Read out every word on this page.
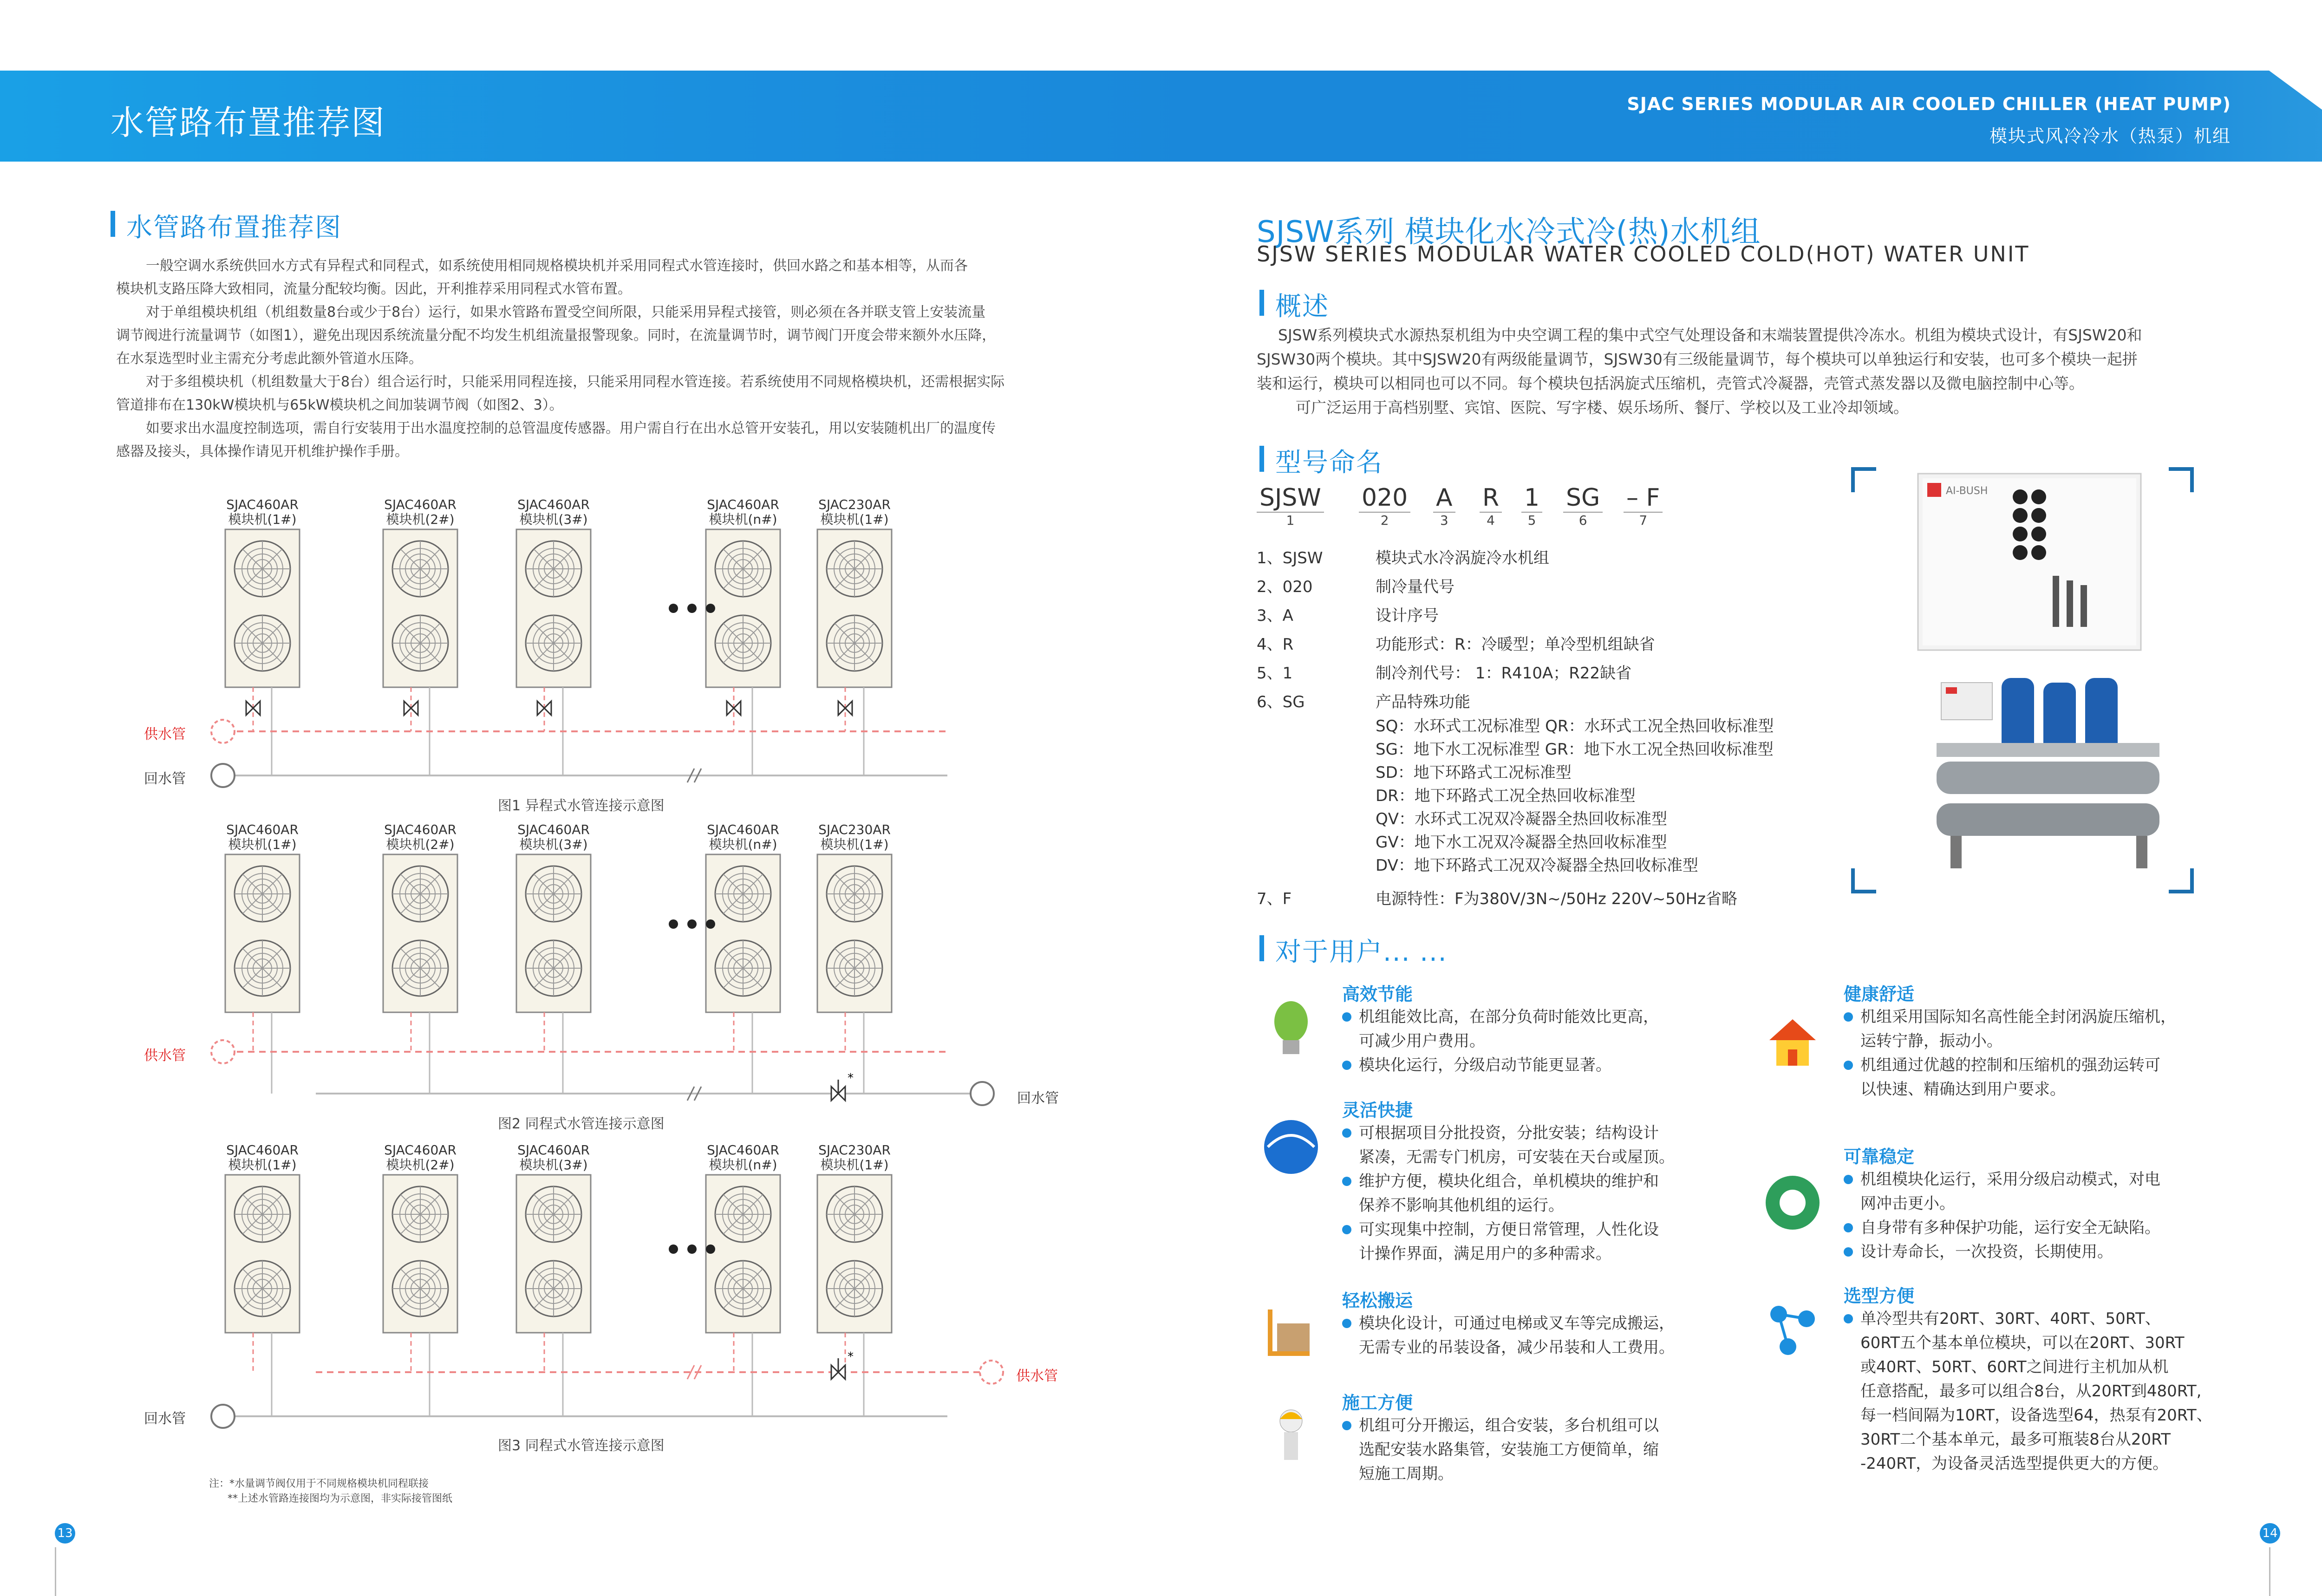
水管路布置推荐图	SJAC SERIES MODULAR AIR COOLED CHILLER (HEAT PUMP)
模块式风冷冷水（热泵）机组
水管路布置推荐图
一般空调水系统供回水方式有异程式和同程式，如系统使用相同规格模块机并采用同程式水管连接时，供回水路之和基本相等，从而各
模块机支路压降大致相同，流量分配较均衡。因此，开利推荐采用同程式水管布置。
对于单组模块机组（机组数量8台或少于8台）运行，如果水管路布置受空间所限，只能采用异程式接管，则必须在各并联支管上安装流量
调节阀进行流量调节（如图1），避免出现因系统流量分配不均发生机组流量报警现象。同时，在流量调节时，调节阀门开度会带来额外水压降，
在水泵选型时业主需充分考虑此额外管道水压降。
对于多组模块机（机组数量大于8台）组合运行时，只能采用同程连接，只能采用同程水管连接。若系统使用不同规格模块机，还需根据实际
管道排布在130kW模块机与65kW模块机之间加装调节阀（如图2、3）。
如要求出水温度控制选项，需自行安装用于出水温度控制的总管温度传感器。用户需自行在出水总管开安装孔，用以安装随机出厂的温度传
感器及接头，具体操作请见开机维护操作手册。
SJAC460AR
模块机(1#)
SJAC460AR
模块机(2#)
SJAC460AR
模块机(3#)
SJAC460AR
模块机(n#)
SJAC230AR
模块机(1#)
供水管
回水管
图1 异程式水管连接示意图
SJAC460AR
模块机(1#)
SJAC460AR
模块机(2#)
SJAC460AR
模块机(3#)
SJAC460AR
模块机(n#)
SJAC230AR
模块机(1#)
*
供水管
回水管
图2 同程式水管连接示意图
SJAC460AR
模块机(1#)
SJAC460AR
模块机(2#)
SJAC460AR
模块机(3#)
SJAC460AR
模块机(n#)
SJAC230AR
模块机(1#)
*
供水管
回水管
图3 同程式水管连接示意图
注：*水量调节阀仅用于不同规格模块机同程联接
**上述水管路连接图均为示意图，非实际接管图纸
13
SJSW系列 模块化水冷式冷(热)水机组
SJSW SERIES MODULAR WATER COOLED COLD(HOT) WATER UNIT
概述
SJSW系列模块式水源热泵机组为中央空调工程的集中式空气处理设备和末端装置提供冷冻水。机组为模块式设计，有SJSW20和
SJSW30两个模块。其中SJSW20有两级能量调节，SJSW30有三级能量调节，每个模块可以单独运行和安装，也可多个模块一起拼
装和运行，模块可以相同也可以不同。每个模块包括涡旋式压缩机，壳管式冷凝器，壳管式蒸发器以及微电脑控制中心等。
可广泛运用于高档别墅、宾馆、医院、写字楼、娱乐场所、餐厅、学校以及工业冷却领域。
型号命名
SJSW
1
020
2
A
3
R
4
1
5
SG
6
– F
7
1、SJSW	模块式水冷涡旋冷水机组
2、020	制冷量代号
3、A	设计序号
4、R	功能形式：R：冷暖型；单冷型机组缺省
5、1	制冷剂代号： 1：R410A；R22缺省
6、SG	产品特殊功能
SQ：水环式工况标准型 QR：水环式工况全热回收标准型
SG：地下水工况标准型 GR：地下水工况全热回收标准型
SD：地下环路式工况标准型
DR：地下环路式工况全热回收标准型
QV：水环式工况双冷凝器全热回收标准型
GV：地下水工况双冷凝器全热回收标准型
DV：地下环路式工况双冷凝器全热回收标准型
7、F	电源特性：F为380V/3N~/50Hz 220V~50Hz省略
AI-BUSH
对于用户... ...
高效节能
机组能效比高，在部分负荷时能效比更高，
可减少用户费用。
模块化运行，分级启动节能更显著。
灵活快捷
可根据项目分批投资，分批安装；结构设计
紧凑，无需专门机房，可安装在天台或屋顶。
维护方便，模块化组合，单机模块的维护和
保养不影响其他机组的运行。
可实现集中控制，方便日常管理，人性化设
计操作界面，满足用户的多种需求。
轻松搬运
模块化设计，可通过电梯或叉车等完成搬运，
无需专业的吊装设备，减少吊装和人工费用。
施工方便
机组可分开搬运，组合安装，多台机组可以
选配安装水路集管，安装施工方便简单，缩
短施工周期。
健康舒适
机组采用国际知名高性能全封闭涡旋压缩机，
运转宁静，振动小。
机组通过优越的控制和压缩机的强劲运转可
以快速、精确达到用户要求。
可靠稳定
机组模块化运行，采用分级启动模式，对电
网冲击更小。
自身带有多种保护功能，运行安全无缺陷。
设计寿命长，一次投资，长期使用。
选型方便
单冷型共有20RT、30RT、40RT、50RT、
60RT五个基本单位模块，可以在20RT、30RT
或40RT、50RT、60RT之间进行主机加从机
任意搭配，最多可以组合8台，从20RT到480RT,
每一档间隔为10RT，设备选型64，热泵有20RT、
30RT二个基本单元，最多可瓶装8台从20RT
-240RT，为设备灵活选型提供更大的方便。
14
